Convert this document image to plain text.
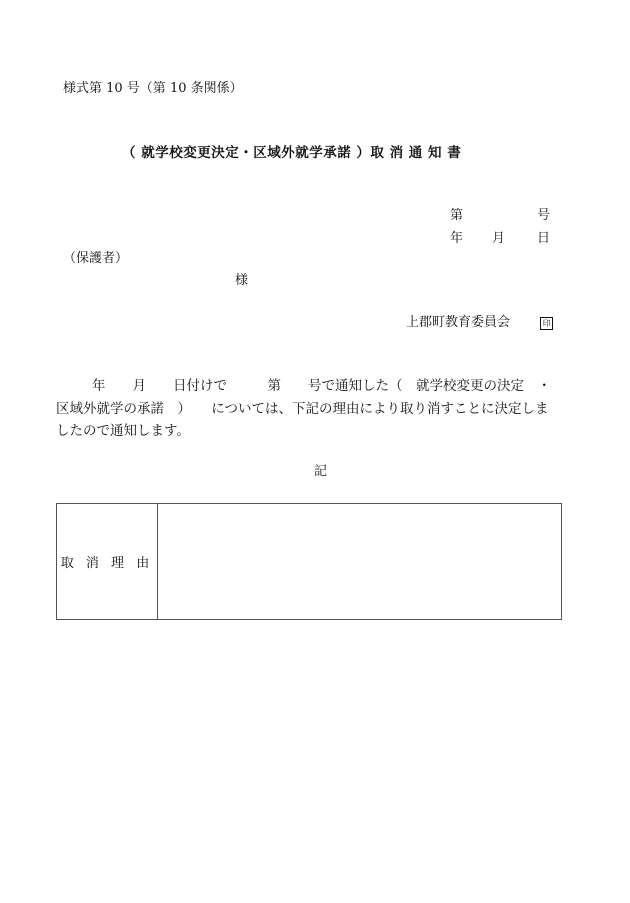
様式第 10 号（第 10 条関係）
（ 就学校変更決定・区域外就学承諾 ）取 消 通 知 書
第	号
年 月 日
（保護者）
様
上郡町教育委員会	印
年　　月　　日付けで　　　第　　号で通知した（　就学校変更の決定　・
区域外就学の承諾　）　　については、下記の理由により取り消すことに決定しま
したので通知します。
記
取 消 理 由	
